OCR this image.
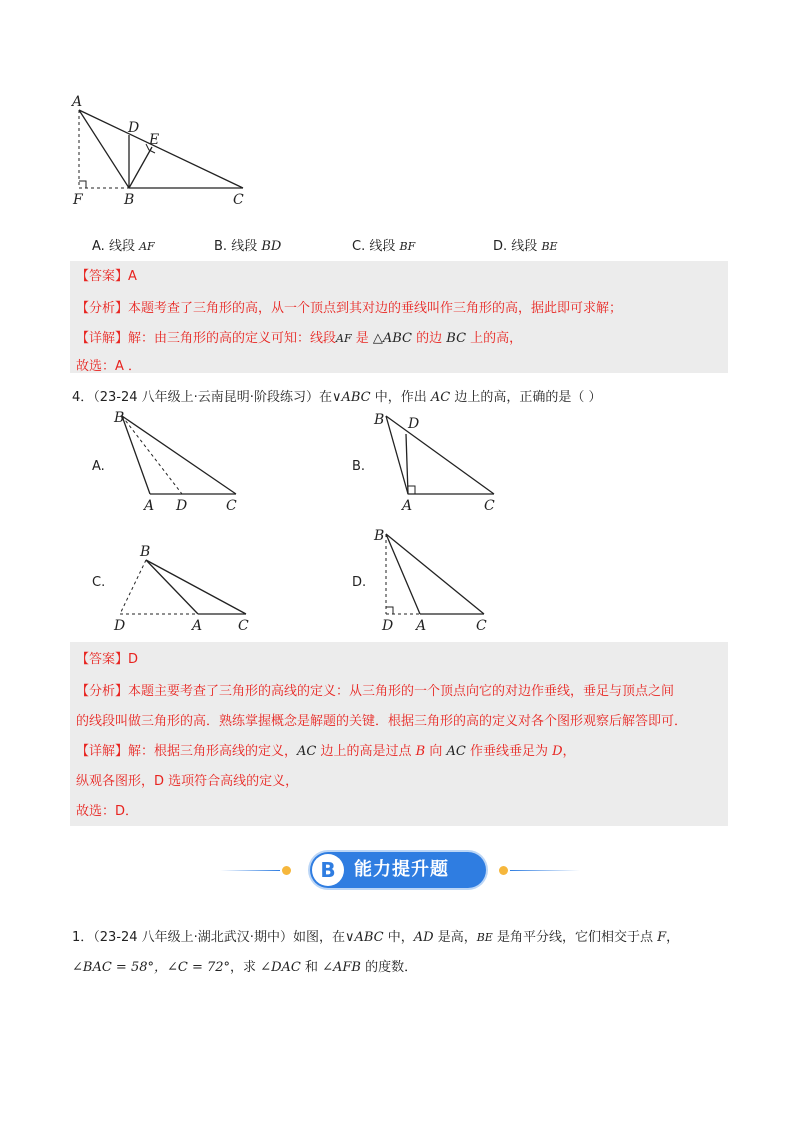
A
D
E
F	B	C
A. 线段 AF	B. 线段 BD	C. 线段 BF	D. 线段 BE
【答案】A
【分析】本题考查了三角形的高，从一个顶点到其对边的垂线叫作三角形的高，据此即可求解；
【详解】解：由三角形的高的定义可知：线段AF 是 △ABC 的边 BC 上的高，
故选：A ．
4．（23-24 八年级上·云南昆明·阶段练习）在∨ABC 中，作出 AC 边上的高，正确的是（ ）
A.
B
A D	C
B.
B D
A	C
C.
B
D	A	C
D.
B
D A	C
【答案】D
【分析】本题主要考查了三角形的高线的定义：从三角形的一个顶点向它的对边作垂线，垂足与顶点之间
的线段叫做三角形的高．熟练掌握概念是解题的关键．根据三角形的高的定义对各个图形观察后解答即可．
【详解】解：根据三角形高线的定义，AC 边上的高是过点 B 向 AC 作垂线垂足为 D，
纵观各图形，D 选项符合高线的定义，
故选：D．
B	能力提升题
1．（23-24 八年级上·湖北武汉·期中）如图，在∨ABC 中，AD 是高，BE 是角平分线，它们相交于点 F，
∠BAC = 58°，∠C = 72°，求 ∠DAC 和 ∠AFB 的度数．
